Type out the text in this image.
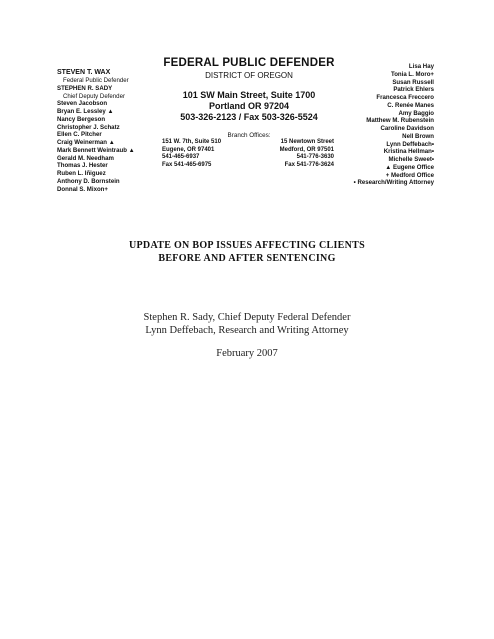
STEVEN T. WAX
Federal Public Defender
STEPHEN R. SADY
Chief Deputy Defender
Steven Jacobson
Bryan E. Lessley ▲
Nancy Bergeson
Christopher J. Schatz
Ellen C. Pitcher
Craig Weinerman ▲
Mark Bennett Weintraub ▲
Gerald M. Needham
Thomas J. Hester
Ruben L. Iñiguez
Anthony D. Bornstein
Donnal S. Mixon+
FEDERAL PUBLIC DEFENDER
DISTRICT OF OREGON
101 SW Main Street, Suite 1700
Portland OR 97204
503-326-2123 / Fax 503-326-5524
Branch Offices:
151 W. 7th, Suite 510
Eugene, OR 97401
541-465-6937
Fax 541-465-6975
15 Newtown Street
Medford, OR 97501
541-776-3630
Fax 541-776-3624
Lisa Hay
Tonia L. Moro+
Susan Russell
Patrick Ehlers
Francesca Freccero
C. Renée Manes
Amy Baggio
Matthew M. Rubenstein
Caroline Davidson
Nell Brown
Lynn Deffebach•
Kristina Hellman•
Michelle Sweet•
▲ Eugene Office
+ Medford Office
• Research/Writing Attorney
UPDATE ON BOP ISSUES AFFECTING CLIENTS
BEFORE AND AFTER SENTENCING
Stephen R. Sady, Chief Deputy Federal Defender
Lynn Deffebach, Research and Writing Attorney
February 2007
